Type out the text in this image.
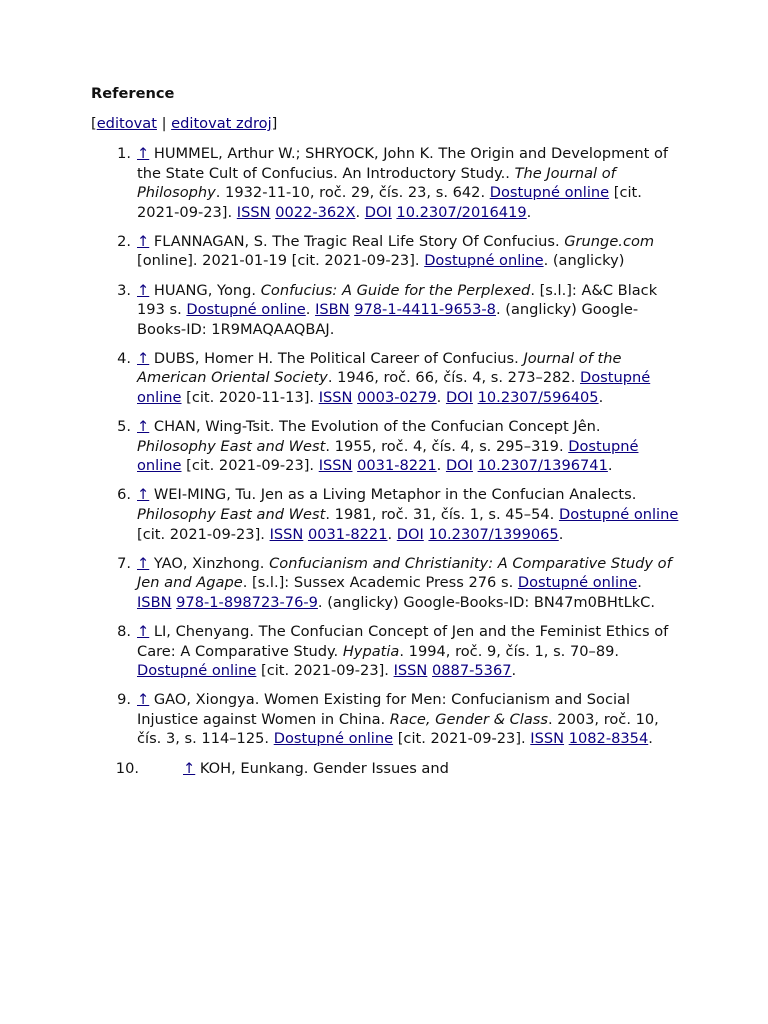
Reference
[editovat | editovat zdroj]
1. ↑ HUMMEL, Arthur W.; SHRYOCK, John K. The Origin and Development of the State Cult of Confucius. An Introductory Study.. The Journal of Philosophy. 1932-11-10, roč. 29, čís. 23, s. 642. Dostupné online [cit. 2021-09-23]. ISSN 0022-362X. DOI 10.2307/2016419.
2. ↑ FLANNAGAN, S. The Tragic Real Life Story Of Confucius. Grunge.com [online]. 2021-01-19 [cit. 2021-09-23]. Dostupné online. (anglicky)
3. ↑ HUANG, Yong. Confucius: A Guide for the Perplexed. [s.l.]: A&C Black 193 s. Dostupné online. ISBN 978-1-4411-9653-8. (anglicky) Google-Books-ID: 1R9MAQAAQBAJ.
4. ↑ DUBS, Homer H. The Political Career of Confucius. Journal of the American Oriental Society. 1946, roč. 66, čís. 4, s. 273–282. Dostupné online [cit. 2020-11-13]. ISSN 0003-0279. DOI 10.2307/596405.
5. ↑ CHAN, Wing-Tsit. The Evolution of the Confucian Concept Jên. Philosophy East and West. 1955, roč. 4, čís. 4, s. 295–319. Dostupné online [cit. 2021-09-23]. ISSN 0031-8221. DOI 10.2307/1396741.
6. ↑ WEI-MING, Tu. Jen as a Living Metaphor in the Confucian Analects. Philosophy East and West. 1981, roč. 31, čís. 1, s. 45–54. Dostupné online [cit. 2021-09-23]. ISSN 0031-8221. DOI 10.2307/1399065.
7. ↑ YAO, Xinzhong. Confucianism and Christianity: A Comparative Study of Jen and Agape. [s.l.]: Sussex Academic Press 276 s. Dostupné online. ISBN 978-1-898723-76-9. (anglicky) Google-Books-ID: BN47m0BHtLkC.
8. ↑ LI, Chenyang. The Confucian Concept of Jen and the Feminist Ethics of Care: A Comparative Study. Hypatia. 1994, roč. 9, čís. 1, s. 70–89. Dostupné online [cit. 2021-09-23]. ISSN 0887-5367.
9. ↑ GAO, Xiongya. Women Existing for Men: Confucianism and Social Injustice against Women in China. Race, Gender & Class. 2003, roč. 10, čís. 3, s. 114–125. Dostupné online [cit. 2021-09-23]. ISSN 1082-8354.
10.	↑ KOH, Eunkang. Gender Issues and
